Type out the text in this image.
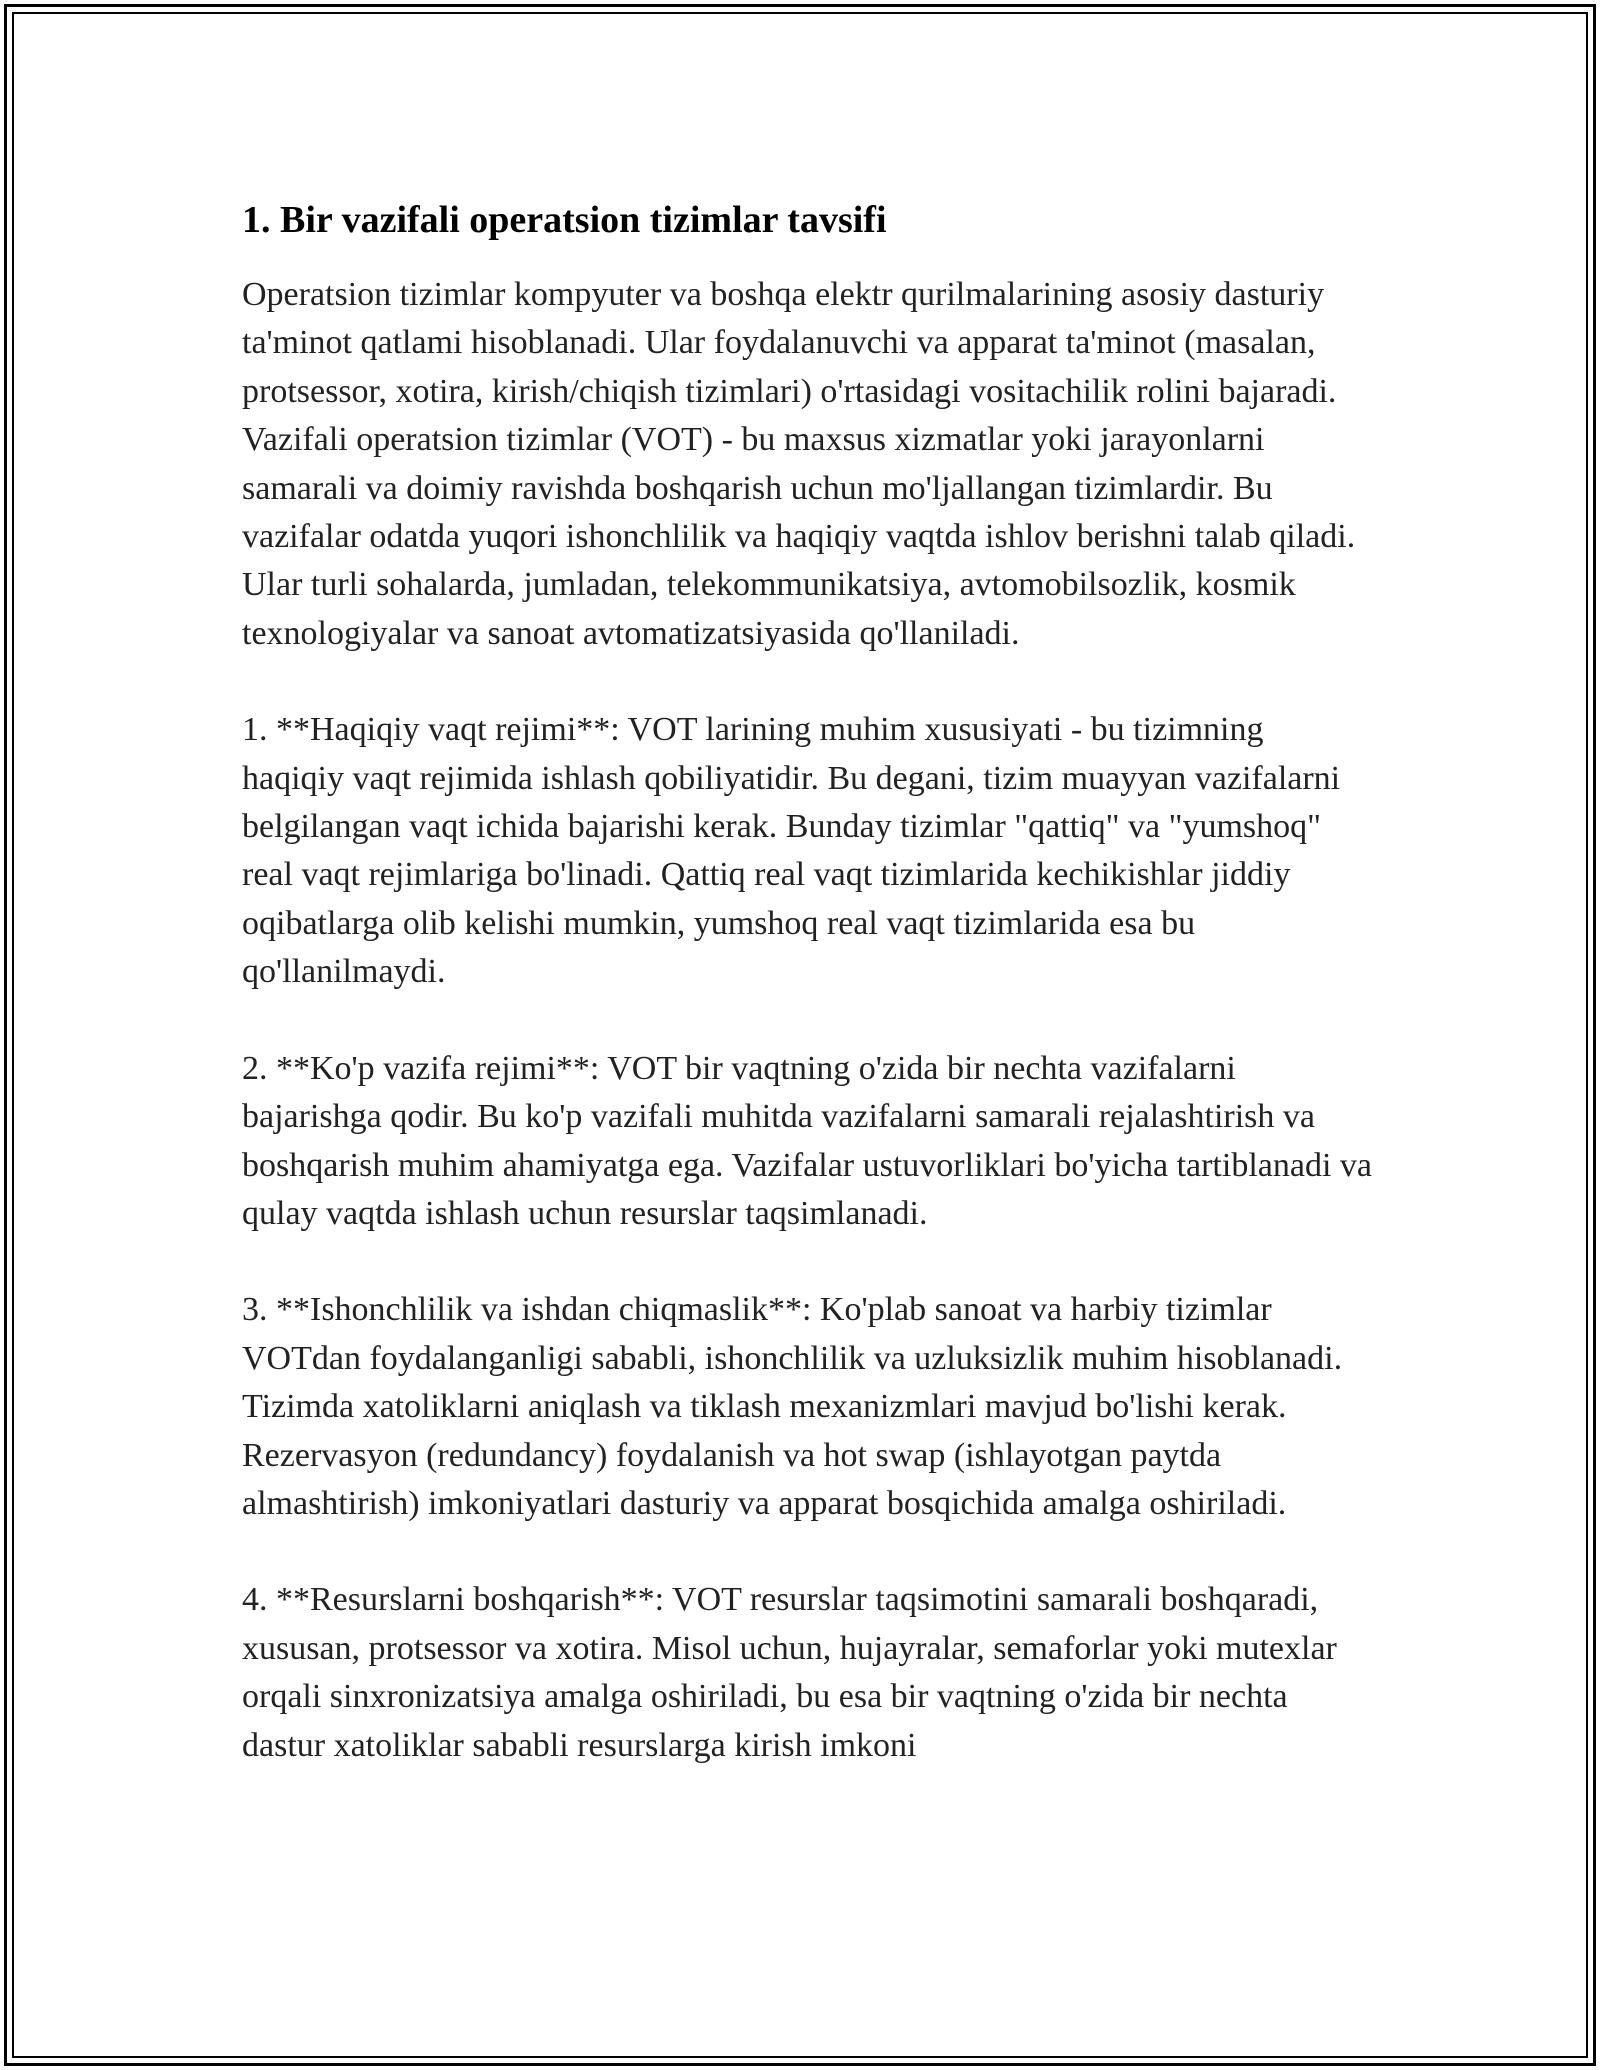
1. Bir vazifali operatsion tizimlar tavsifi

Operatsion tizimlar kompyuter va boshqa elektr qurilmalarining asosiy dasturiy ta'minot qatlami hisoblanadi. Ular foydalanuvchi va apparat ta'minot (masalan, protsessor, xotira, kirish/chiqish tizimlari) o'rtasidagi vositachilik rolini bajaradi. Vazifali operatsion tizimlar (VOT) - bu maxsus xizmatlar yoki jarayonlarni samarali va doimiy ravishda boshqarish uchun mo'ljallangan tizimlardir. Bu vazifalar odatda yuqori ishonchlilik va haqiqiy vaqtda ishlov berishni talab qiladi. Ular turli sohalarda, jumladan, telekommunikatsiya, avtomobilsozlik, kosmik texnologiyalar va sanoat avtomatizatsiyasida qo'llaniladi.

1. **Haqiqiy vaqt rejimi**: VOT larining muhim xususiyati - bu tizimning haqiqiy vaqt rejimida ishlash qobiliyatidir. Bu degani, tizim muayyan vazifalarni belgilangan vaqt ichida bajarishi kerak. Bunday tizimlar "qattiq" va "yumshoq" real vaqt rejimlariga bo'linadi. Qattiq real vaqt tizimlarida kechikishlar jiddiy oqibatlarga olib kelishi mumkin, yumshoq real vaqt tizimlarida esa bu qo'llanilmaydi.

2. **Ko'p vazifa rejimi**: VOT bir vaqtning o'zida bir nechta vazifalarni bajarishga qodir. Bu ko'p vazifali muhitda vazifalarni samarali rejalashtirish va boshqarish muhim ahamiyatga ega. Vazifalar ustuvorliklari bo'yicha tartiblanadi va qulay vaqtda ishlash uchun resurslar taqsimlanadi.

3. **Ishonchlilik va ishdan chiqmaslik**: Ko'plab sanoat va harbiy tizimlar VOTdan foydalanganligi sababli, ishonchlilik va uzluksizlik muhim hisoblanadi. Tizimda xatoliklarni aniqlash va tiklash mexanizmlari mavjud bo'lishi kerak. Rezervasyon (redundancy) foydalanish va hot swap (ishlayotgan paytda almashtirish) imkoniyatlari dasturiy va apparat bosqichida amalga oshiriladi.

4. **Resurslarni boshqarish**: VOT resurslar taqsimotini samarali boshqaradi, xususan, protsessor va xotira. Misol uchun, hujayralar, semaforlar yoki mutexlar orqali sinxronizatsiya amalga oshiriladi, bu esa bir vaqtning o'zida bir nechta dastur xatoliklar sababli resurslarga kirish imkoni
